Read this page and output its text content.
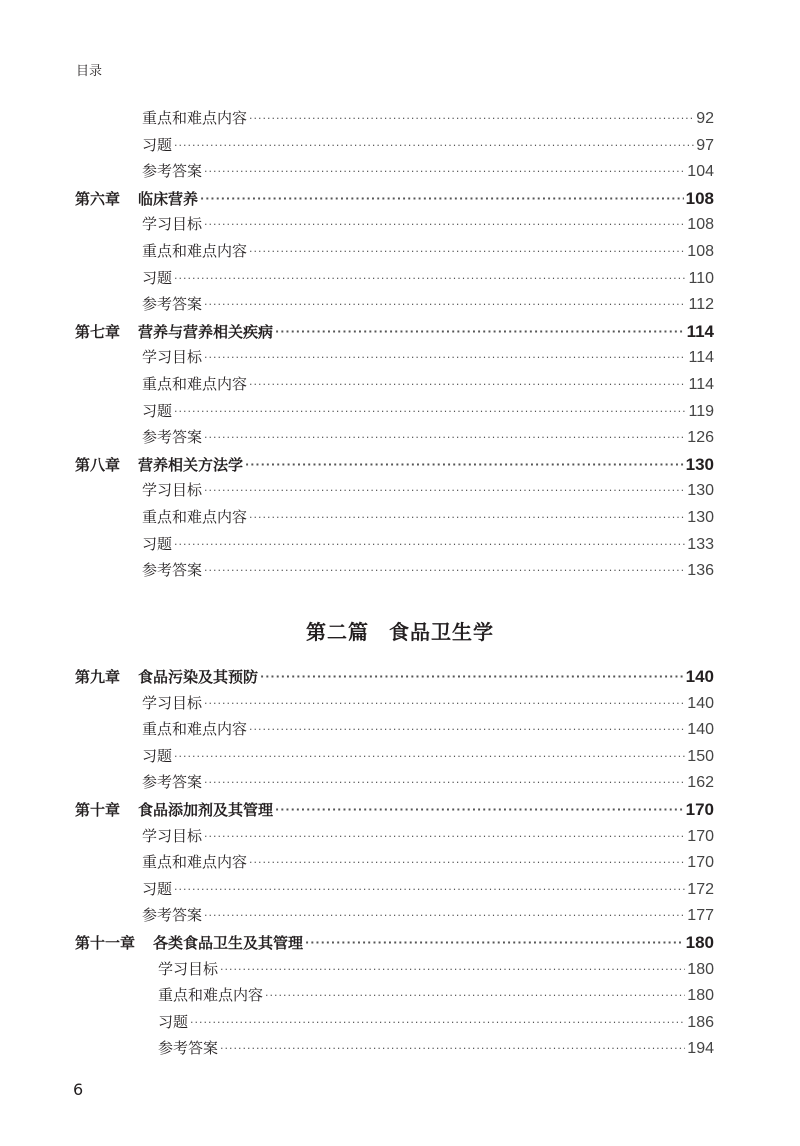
目录
重点和难点内容 ·····	92
习题 ·····	97
参考答案 ·····	104
第六章 临床营养 ·····	108
学习目标 ·····	108
重点和难点内容 ·····	108
习题 ·····	110
参考答案 ·····	112
第七章 营养与营养相关疾病 ·····	114
学习目标 ·····	114
重点和难点内容 ·····	114
习题 ·····	119
参考答案 ·····	126
第八章 营养相关方法学 ·····	130
学习目标 ·····	130
重点和难点内容 ·····	130
习题 ·····	133
参考答案 ·····	136
第二篇 食品卫生学
第九章 食品污染及其预防 ·····	140
学习目标 ·····	140
重点和难点内容 ·····	140
习题 ·····	150
参考答案 ·····	162
第十章 食品添加剂及其管理 ·····	170
学习目标 ·····	170
重点和难点内容 ·····	170
习题 ·····	172
参考答案 ·····	177
第十一章 各类食品卫生及其管理 ·····	180
学习目标 ·····	180
重点和难点内容 ·····	180
习题 ·····	186
参考答案 ·····	194
6
